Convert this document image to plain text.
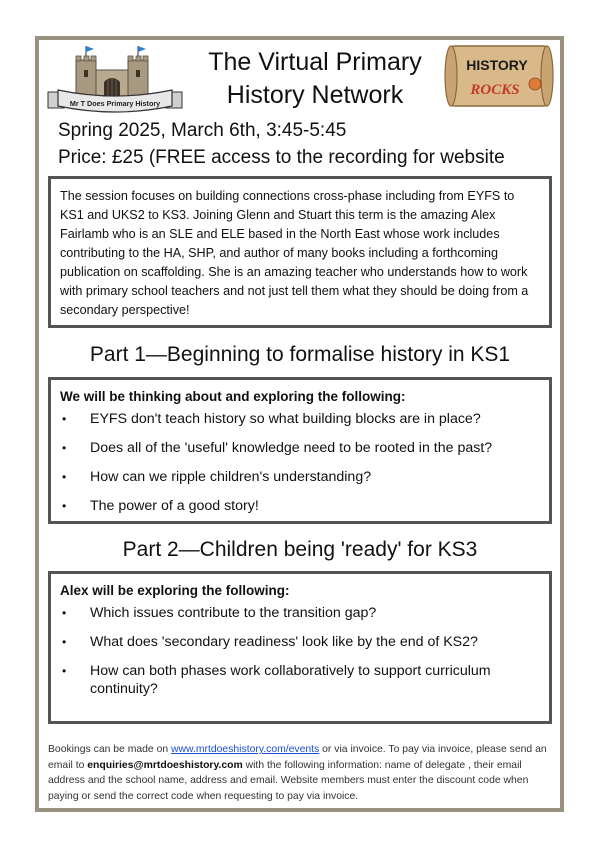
Mr T Does Primary History
The Virtual Primary
History Network
HISTORY
ROCKS
Spring 2025, March 6th, 3:45-5:45
Price: £25 (FREE access to the recording for website
The session focuses on building connections cross-phase including from EYFS to KS1 and UKS2 to KS3. Joining Glenn and Stuart this term is the amazing Alex Fairlamb who is an SLE and ELE based in the North East whose work includes contributing to the HA, SHP, and author of many books including a forthcoming publication on scaffolding. She is an amazing teacher who understands how to work with primary school teachers and not just tell them what they should be doing from a secondary perspective!
Part 1—Beginning to formalise history in KS1
We will be thinking about and exploring the following:
• EYFS don't teach history so what building blocks are in place?
• Does all of the 'useful' knowledge need to be rooted in the past?
• How can we ripple children's understanding?
• The power of a good story!
Part 2—Children being 'ready' for KS3
Alex will be exploring the following:
• Which issues contribute to the transition gap?
• What does 'secondary readiness' look like by the end of KS2?
• How can both phases work collaboratively to support curriculum continuity?
Bookings can be made on www.mrtdoeshistory.com/events or via invoice. To pay via invoice, please send an email to enquiries@mrtdoeshistory.com with the following information: name of delegate , their email address and the school name, address and email. Website members must enter the discount code when paying or send the correct code when requesting to pay via invoice.
